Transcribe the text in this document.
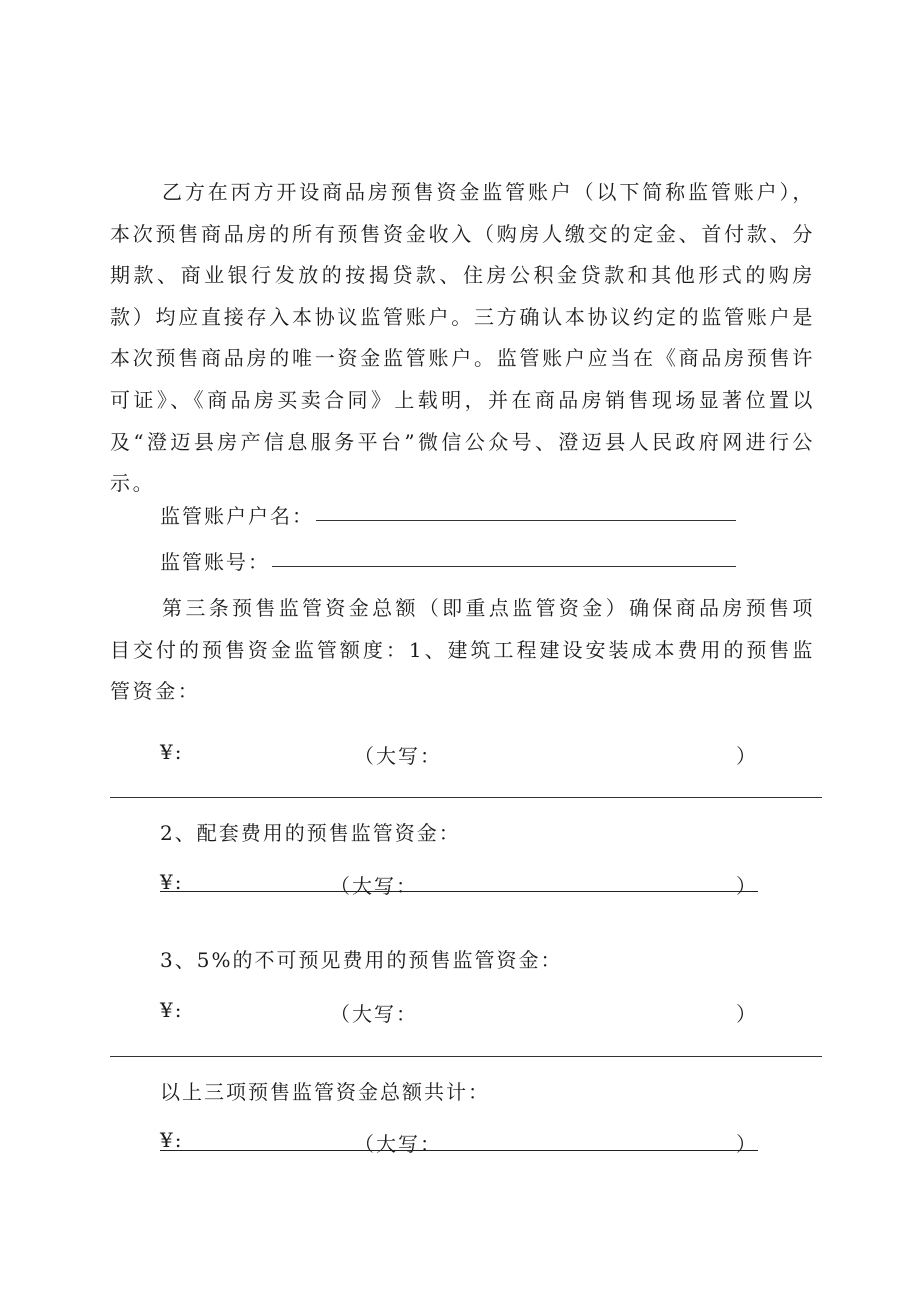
乙方在丙方开设商品房预售资金监管账户（以下简称监管账户），本次预售商品房的所有预售资金收入（购房人缴交的定金、首付款、分期款、商业银行发放的按揭贷款、住房公积金贷款和其他形式的购房款）均应直接存入本协议监管账户。三方确认本协议约定的监管账户是本次预售商品房的唯一资金监管账户。监管账户应当在《商品房预售许可证》、《商品房买卖合同》上载明，并在商品房销售现场显著位置以及“澄迈县房产信息服务平台”微信公众号、澄迈县人民政府网进行公示。
监管账户户名：
监管账号：
第三条预售监管资金总额（即重点监管资金）确保商品房预售项目交付的预售资金监管额度：1、建筑工程建设安装成本费用的预售监管资金：
¥:	（大写：	）
2、配套费用的预售监管资金：
¥:	（大写：	）
3、5%的不可预见费用的预售监管资金：
¥:	（大写：	）
以上三项预售监管资金总额共计：
¥:	（大写：	）
